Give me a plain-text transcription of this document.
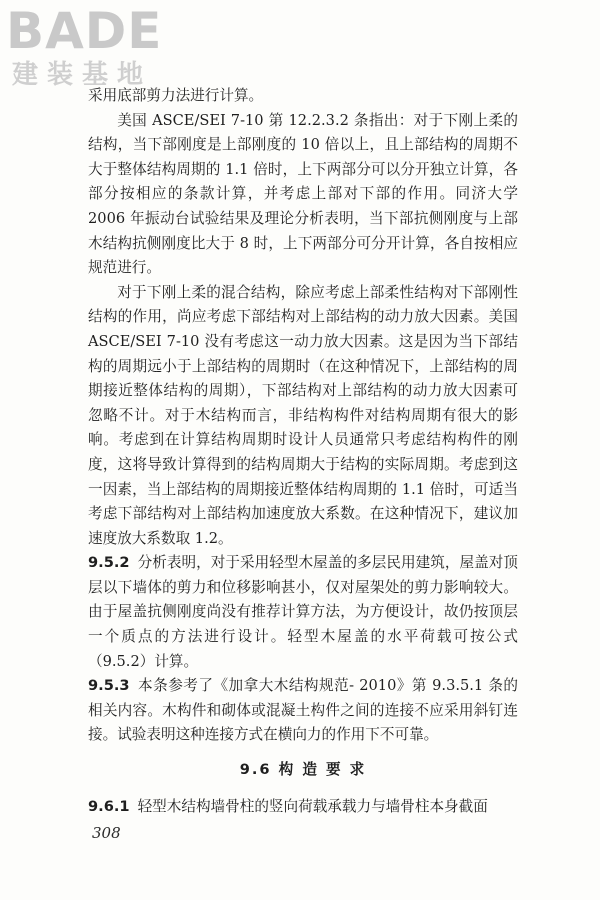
BADE
建装基地

采用底部剪力法进行计算。

美国 ASCE/SEI 7-10 第 12.2.3.2 条指出：对于下刚上柔的结构，当下部刚度是上部刚度的 10 倍以上，且上部结构的周期不大于整体结构周期的 1.1 倍时，上下两部分可以分开独立计算，各部分按相应的条款计算，并考虑上部对下部的作用。同济大学 2006 年振动台试验结果及理论分析表明，当下部抗侧刚度与上部木结构抗侧刚度比大于 8 时，上下两部分可分开计算，各自按相应规范进行。

对于下刚上柔的混合结构，除应考虑上部柔性结构对下部刚性结构的作用，尚应考虑下部结构对上部结构的动力放大因素。美国 ASCE/SEI 7-10 没有考虑这一动力放大因素。这是因为当下部结构的周期远小于上部结构的周期时（在这种情况下，上部结构的周期接近整体结构的周期），下部结构对上部结构的动力放大因素可忽略不计。对于木结构而言，非结构构件对结构周期有很大的影响。考虑到在计算结构周期时设计人员通常只考虑结构构件的刚度，这将导致计算得到的结构周期大于结构的实际周期。考虑到这一因素，当上部结构的周期接近整体结构周期的 1.1 倍时，可适当考虑下部结构对上部结构加速度放大系数。在这种情况下，建议加速度放大系数取 1.2。

9.5.2 分析表明，对于采用轻型木屋盖的多层民用建筑，屋盖对顶层以下墙体的剪力和位移影响甚小，仅对屋架处的剪力影响较大。由于屋盖抗侧刚度尚没有推荐计算方法，为方便设计，故仍按顶层一个质点的方法进行设计。轻型木屋盖的水平荷载可按公式（9.5.2）计算。

9.5.3 本条参考了《加拿大木结构规范- 2010》第 9.3.5.1 条的相关内容。木构件和砌体或混凝土构件之间的连接不应采用斜钉连接。试验表明这种连接方式在横向力的作用下不可靠。

9.6 构 造 要 求

9.6.1 轻型木结构墙骨柱的竖向荷载承载力与墙骨柱本身截面

308
